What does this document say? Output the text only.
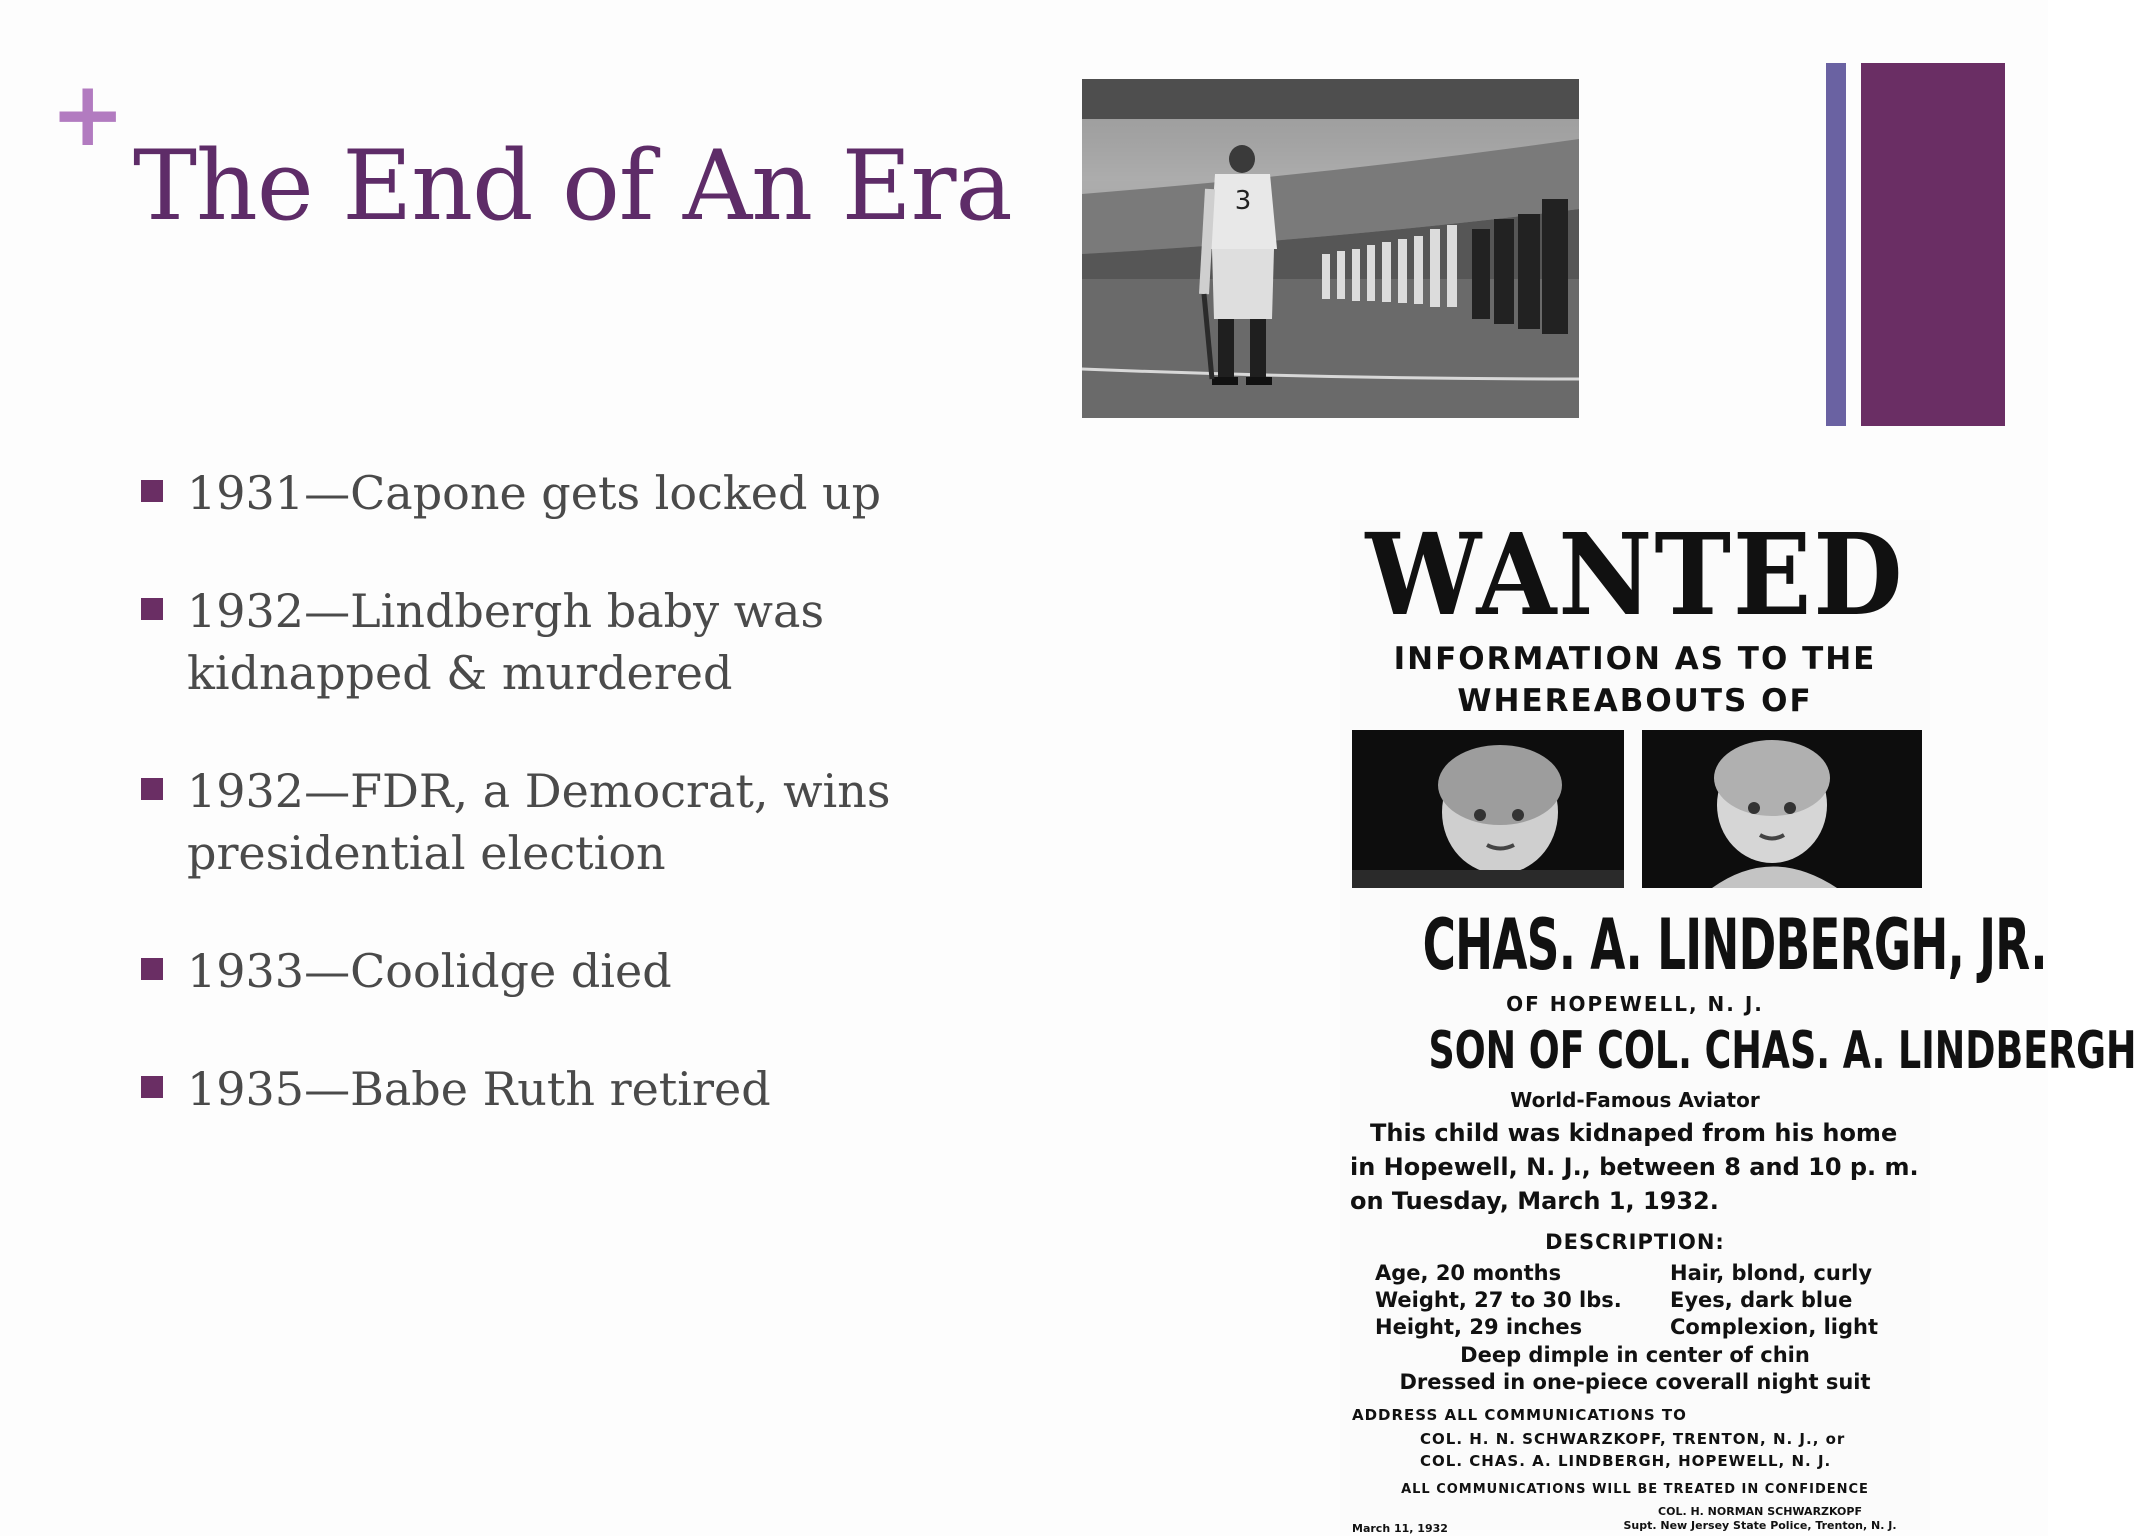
+
The End of An Era
1931—Capone gets locked up
1932—Lindbergh baby was
kidnapped & murdered
1932—FDR, a Democrat, wins
presidential election
1933—Coolidge died
1935—Babe Ruth retired
3
WANTED
INFORMATION AS TO THE
WHEREABOUTS OF
CHAS. A. LINDBERGH, JR.
OF HOPEWELL, N. J.
SON OF COL. CHAS. A. LINDBERGH
World-Famous Aviator
This child was kidnaped from his home
in Hopewell, N. J., between 8 and 10 p. m.
on Tuesday, March 1, 1932.
DESCRIPTION:
Age, 20 months
Weight, 27 to 30 lbs.
Height, 29 inches
Hair, blond, curly
Eyes, dark blue
Complexion, light
Deep dimple in center of chin
Dressed in one-piece coverall night suit
ADDRESS ALL COMMUNICATIONS TO
COL. H. N. SCHWARZKOPF, TRENTON, N. J., or
COL. CHAS. A. LINDBERGH, HOPEWELL, N. J.
ALL COMMUNICATIONS WILL BE TREATED IN CONFIDENCE
March 11, 1932
COL. H. NORMAN SCHWARZKOPF
Supt. New Jersey State Police, Trenton, N. J.
